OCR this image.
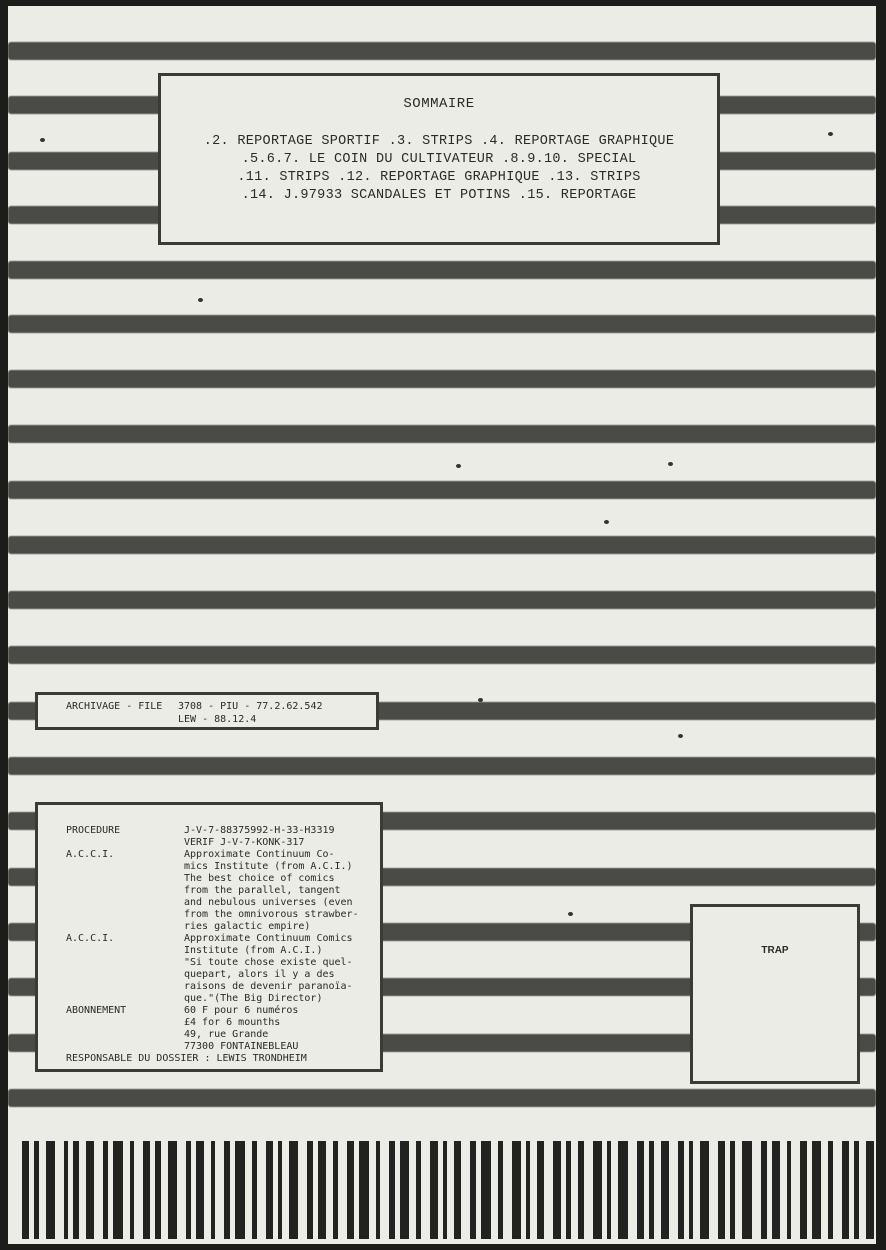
SOMMAIRE
.2. REPORTAGE SPORTIF .3. STRIPS .4. REPORTAGE GRAPHIQUE
.5.6.7. LE COIN DU CULTIVATEUR .8.9.10. SPECIAL
.11. STRIPS .12. REPORTAGE GRAPHIQUE .13. STRIPS
.14. J.97933 SCANDALES ET POTINS .15. REPORTAGE
ARCHIVAGE - FILE 3708 - PIU - 77.2.62.542
LEW - 88.12.4
PROCEDURE	J-V-7-88375992-H-33-H3319
VERIF J-V-7-KONK-317
A.C.C.I.	Approximate Continuum Co-
mics Institute (from A.C.I.)
The best choice of comics
from the parallel, tangent
and nebulous universes (even
from the omnivorous strawber-
ries galactic empire)
A.C.C.I.	Approximate Continuum Comics
Institute (from A.C.I.)
"Si toute chose existe quel-
quepart, alors il y a des
raisons de devenir paranoïa-
que."(The Big Director)
ABONNEMENT	60 F pour 6 numéros
£4 for 6 mounths
49, rue Grande
77300 FONTAINEBLEAU
RESPONSABLE DU DOSSIER : LEWIS TRONDHEIM
TRAP
